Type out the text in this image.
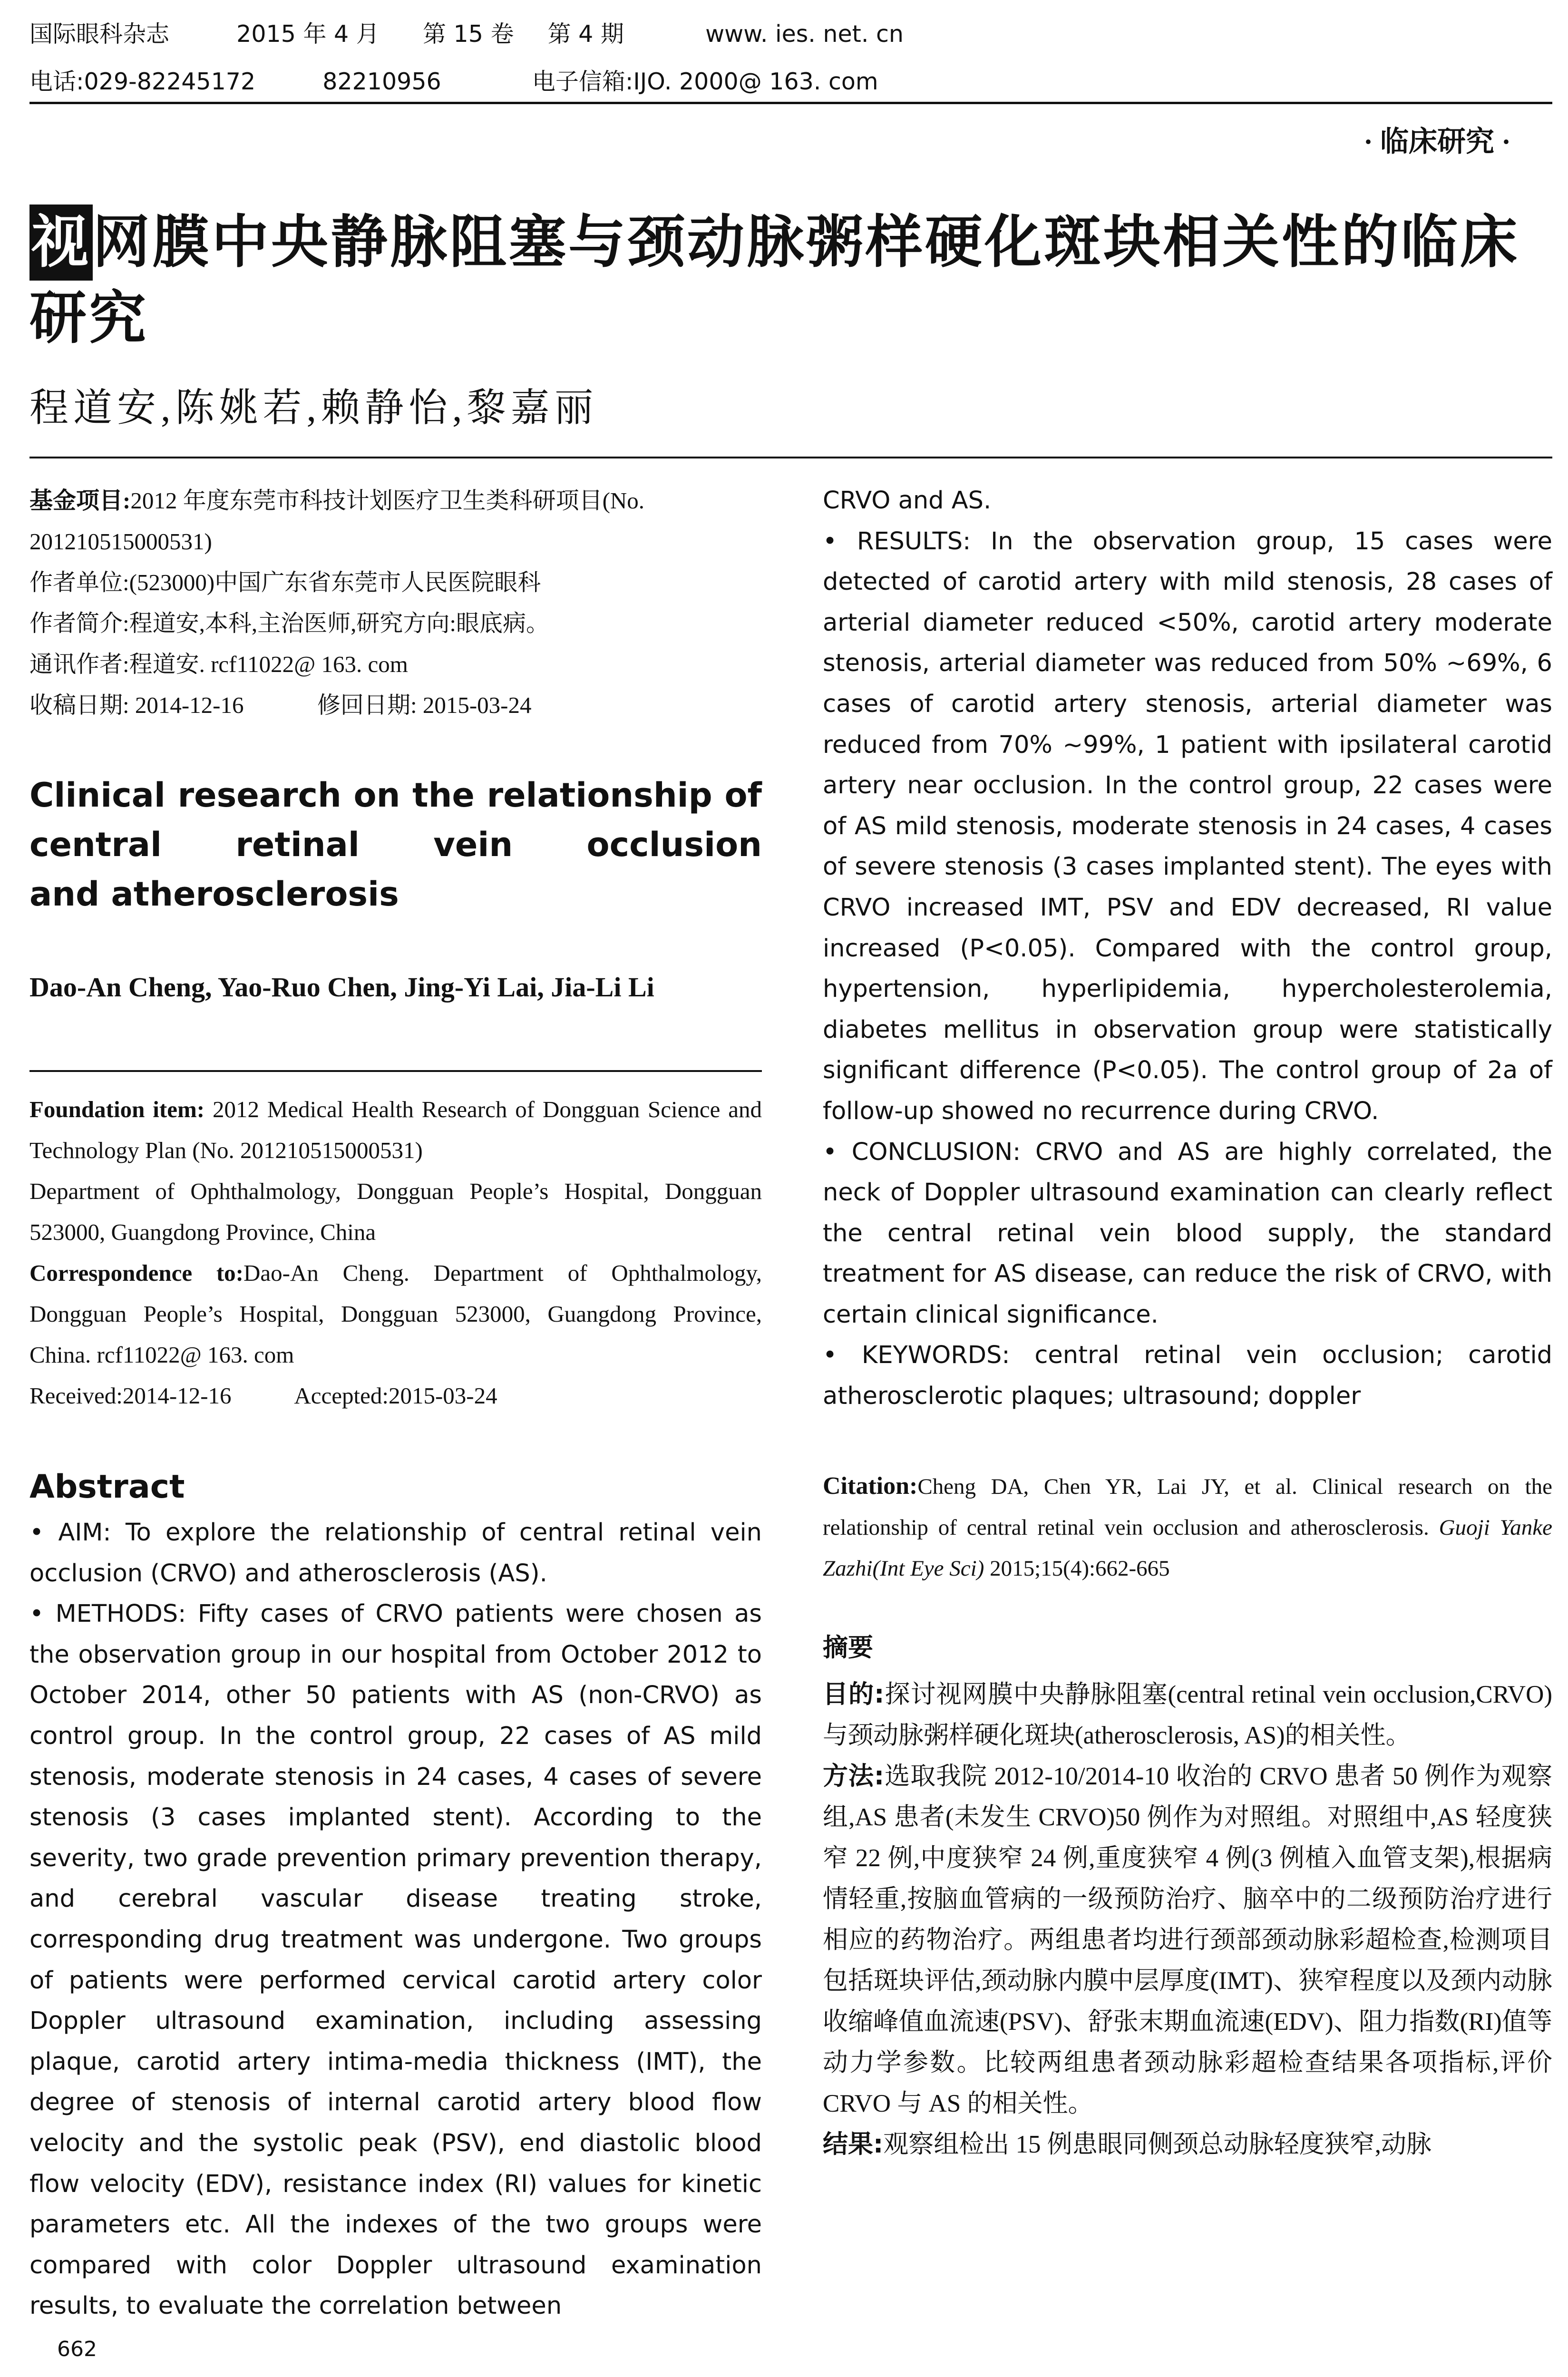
国际眼科杂志	2015 年 4 月 第 15 卷 第 4 期	www. ies. net. cn
电话:029-82245172	82210956	电子信箱:IJO. 2000@ 163. com
· 临床研究 ·
视网膜中央静脉阻塞与颈动脉粥样硬化斑块相关性的临床研究
程道安,陈姚若,赖静怡,黎嘉丽
基金项目:2012 年度东莞市科技计划医疗卫生类科研项目(No. 201210515000531)
作者单位:(523000)中国广东省东莞市人民医院眼科
作者简介:程道安,本科,主治医师,研究方向:眼底病。
通讯作者:程道安. rcf11022@ 163. com
收稿日期: 2014-12-16	修回日期: 2015-03-24
Clinical research on the relationship of
central retinal vein occlusion
and atherosclerosis
Dao-An Cheng, Yao-Ruo Chen, Jing-Yi Lai, Jia-Li Li

Foundation item: 2012 Medical Health Research of Dongguan Science and Technology Plan (No. 201210515000531)

Department of Ophthalmology, Dongguan People’s Hospital, Dongguan 523000, Guangdong Province, China

Correspondence to:Dao-An Cheng. Department of Ophthalmology, Dongguan People’s Hospital, Dongguan 523000, Guangdong Province, China. rcf11022@ 163. com

Received:2014-12-16	Accepted:2015-03-24

Abstract

• AIM: To explore the relationship of central retinal vein occlusion (CRVO) and atherosclerosis (AS).

• METHODS: Fifty cases of CRVO patients were chosen as the observation group in our hospital from October 2012 to October 2014, other 50 patients with AS (non-CRVO) as control group. In the control group, 22 cases of AS mild stenosis, moderate stenosis in 24 cases, 4 cases of severe stenosis (3 cases implanted stent). According to the severity, two grade prevention primary prevention therapy, and cerebral vascular disease treating stroke, corresponding drug treatment was undergone. Two groups of patients were performed cervical carotid artery color Doppler ultrasound examination, including assessing plaque, carotid artery intima-media thickness (IMT), the degree of stenosis of internal carotid artery blood flow velocity and the systolic peak (PSV), end diastolic blood flow velocity (EDV), resistance index (RI) values for kinetic parameters etc. All the indexes of the two groups were compared with color Doppler ultrasound examination results, to evaluate the correlation between

CRVO and AS.

• RESULTS: In the observation group, 15 cases were detected of carotid artery with mild stenosis, 28 cases of arterial diameter reduced <50%, carotid artery moderate stenosis, arterial diameter was reduced from 50% ~69%, 6 cases of carotid artery stenosis, arterial diameter was reduced from 70% ~99%, 1 patient with ipsilateral carotid artery near occlusion. In the control group, 22 cases were of AS mild stenosis, moderate stenosis in 24 cases, 4 cases of severe stenosis (3 cases implanted stent). The eyes with CRVO increased IMT, PSV and EDV decreased, RI value increased (P<0.05). Compared with the control group, hypertension, hyperlipidemia, hypercholesterolemia, diabetes mellitus in observation group were statistically significant difference (P<0.05). The control group of 2a of follow-up showed no recurrence during CRVO.

• CONCLUSION: CRVO and AS are highly correlated, the neck of Doppler ultrasound examination can clearly reflect the central retinal vein blood supply, the standard treatment for AS disease, can reduce the risk of CRVO, with certain clinical significance.

• KEYWORDS: central retinal vein occlusion; carotid atherosclerotic plaques; ultrasound; doppler

Citation:Cheng DA, Chen YR, Lai JY, et al. Clinical research on the relationship of central retinal vein occlusion and atherosclerosis. Guoji Yanke Zazhi(Int Eye Sci) 2015;15(4):662-665
摘要

目的:探讨视网膜中央静脉阻塞(central retinal vein occlusion,CRVO)与颈动脉粥样硬化斑块(atherosclerosis, AS)的相关性。

方法:选取我院 2012-10/2014-10 收治的 CRVO 患者 50 例作为观察组,AS 患者(未发生 CRVO)50 例作为对照组。对照组中,AS 轻度狭窄 22 例,中度狭窄 24 例,重度狭窄 4 例(3 例植入血管支架),根据病情轻重,按脑血管病的一级预防治疗、脑卒中的二级预防治疗进行相应的药物治疗。两组患者均进行颈部颈动脉彩超检查,检测项目包括斑块评估,颈动脉内膜中层厚度(IMT)、狭窄程度以及颈内动脉收缩峰值血流速(PSV)、舒张末期血流速(EDV)、阻力指数(RI)值等动力学参数。比较两组患者颈动脉彩超检查结果各项指标,评价 CRVO 与 AS 的相关性。

结果:观察组检出 15 例患眼同侧颈总动脉轻度狭窄,动脉

662
